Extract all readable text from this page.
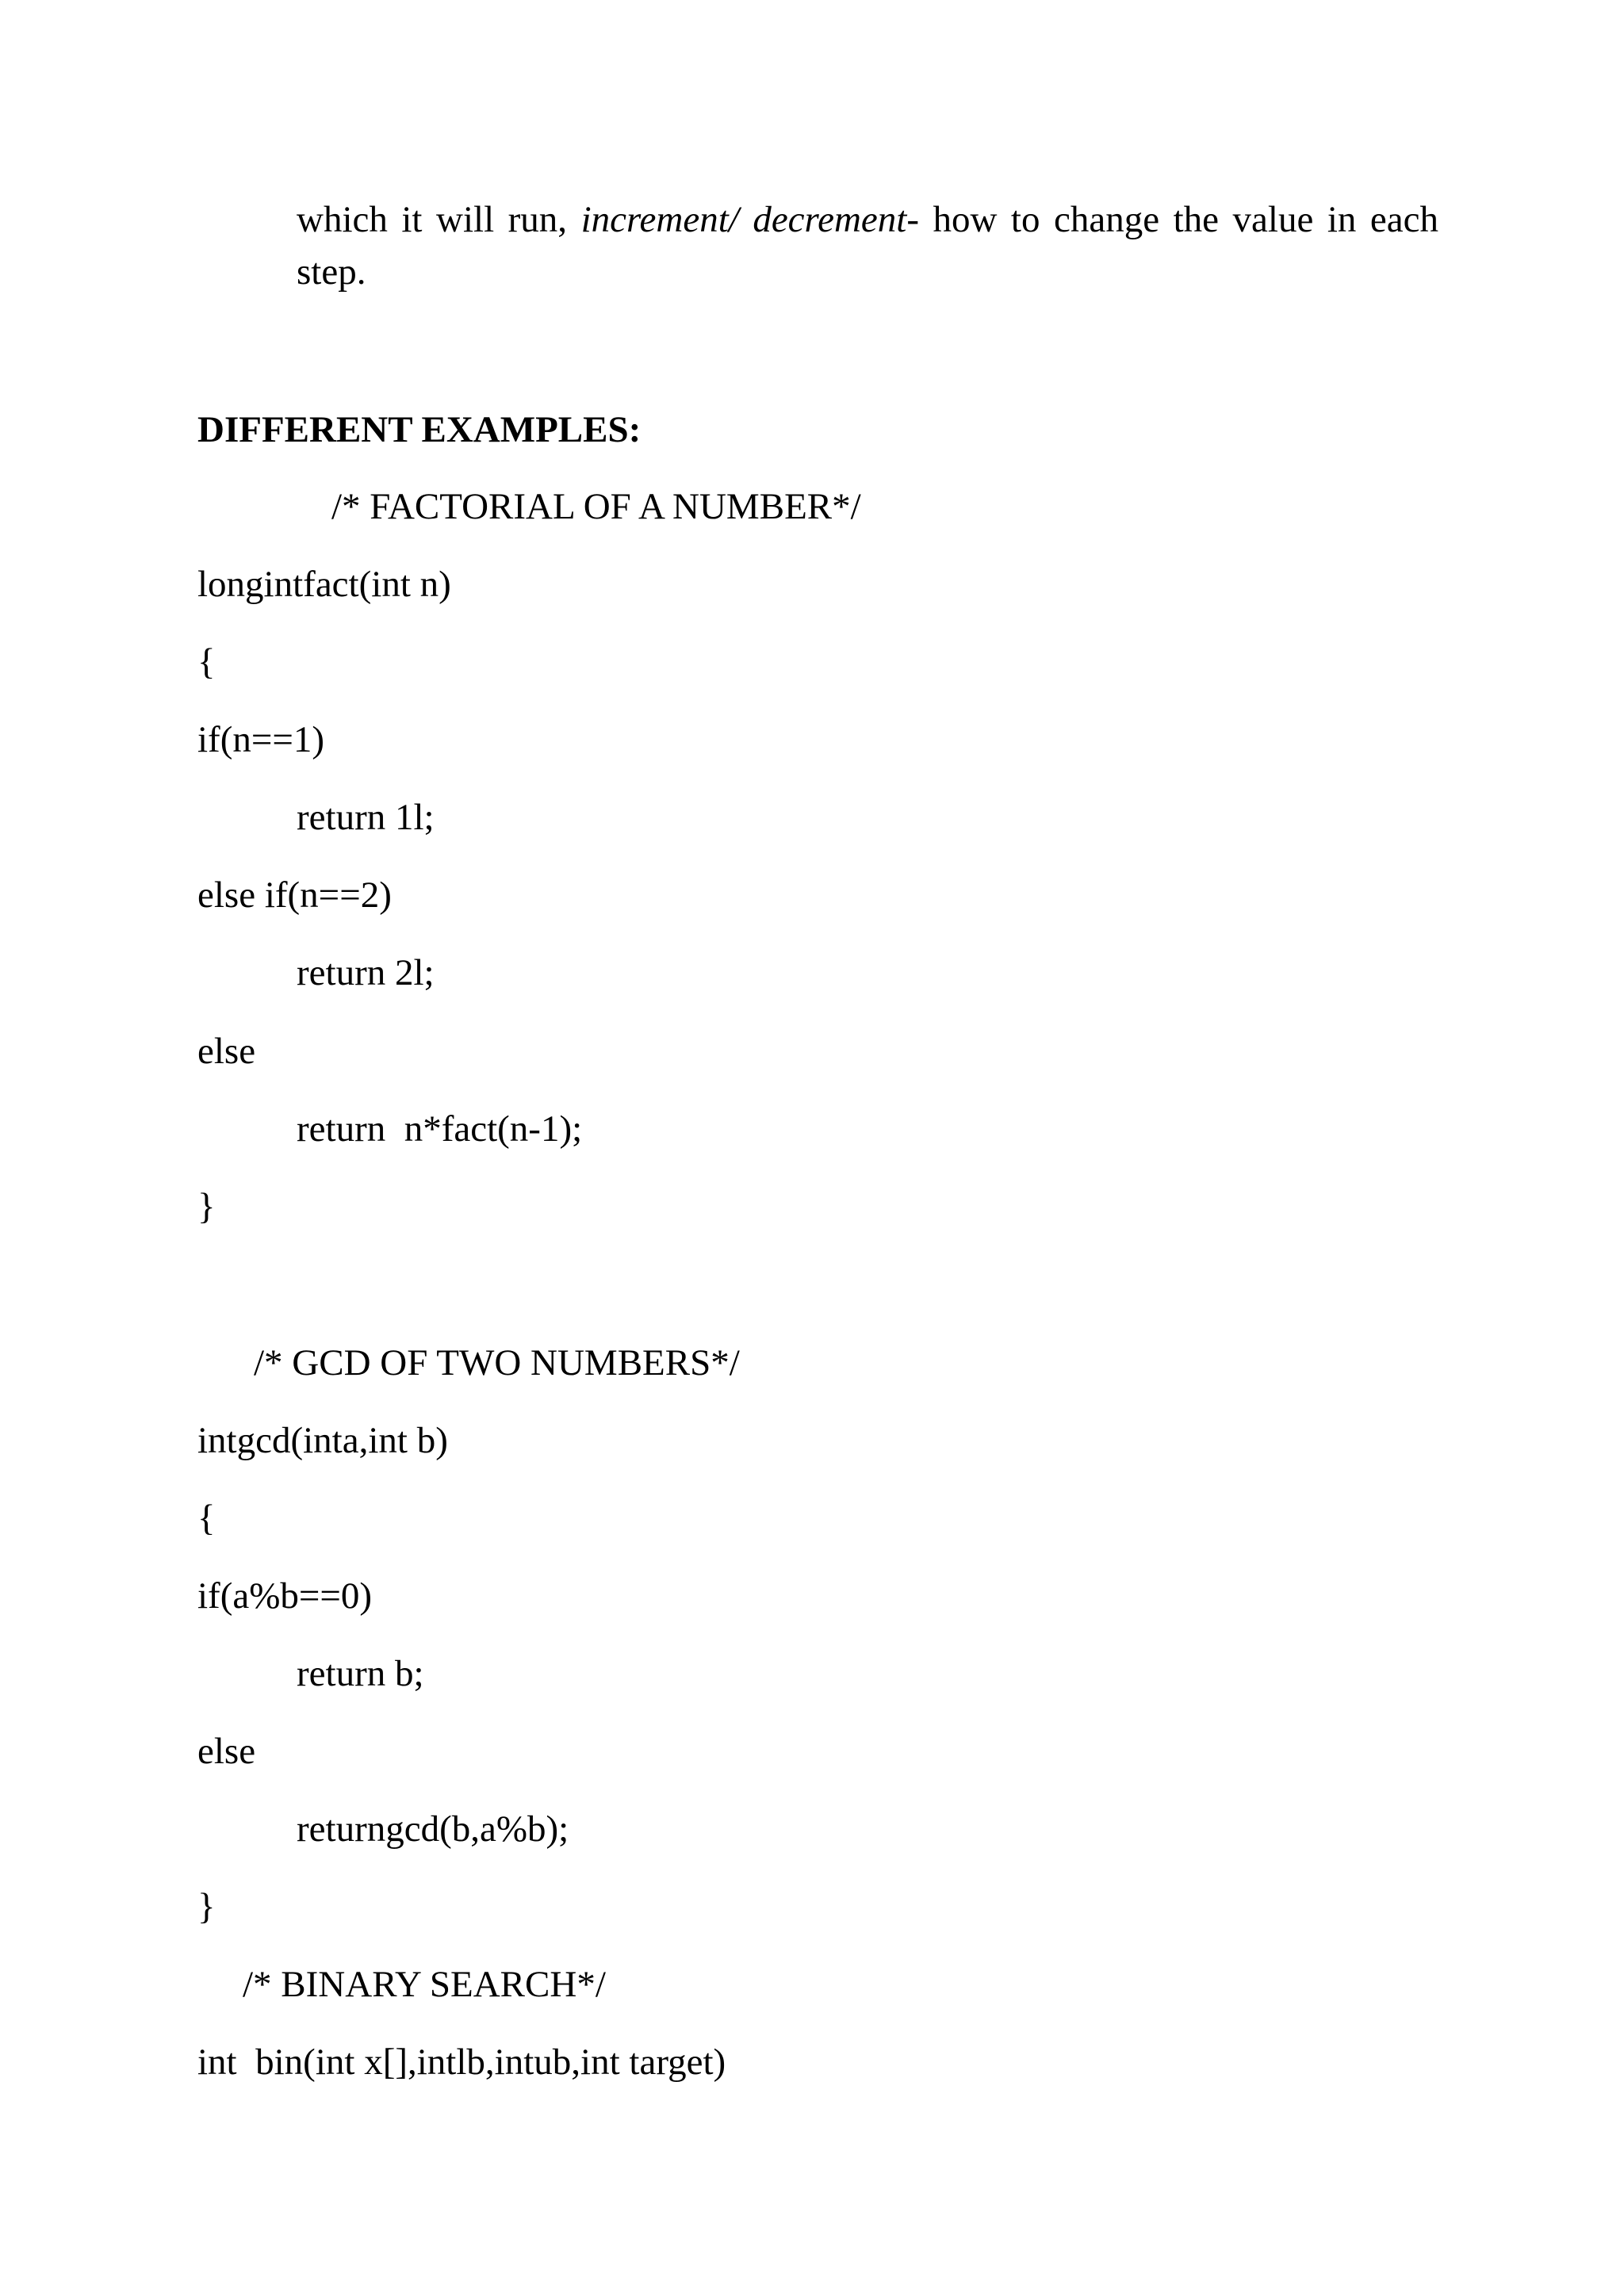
which it will run, increment/ decrement- how to change the value in each
step.
DIFFERENT EXAMPLES:
/* FACTORIAL OF A NUMBER*/
longintfact(int n)
{
if(n==1)
return 1l;
else if(n==2)
return 2l;
else
return  n*fact(n-1);
}
/* GCD OF TWO NUMBERS*/
intgcd(inta,int b)
{
if(a%b==0)
return b;
else
returngcd(b,a%b);
}
/* BINARY SEARCH*/
int  bin(int x[],intlb,intub,int target)
